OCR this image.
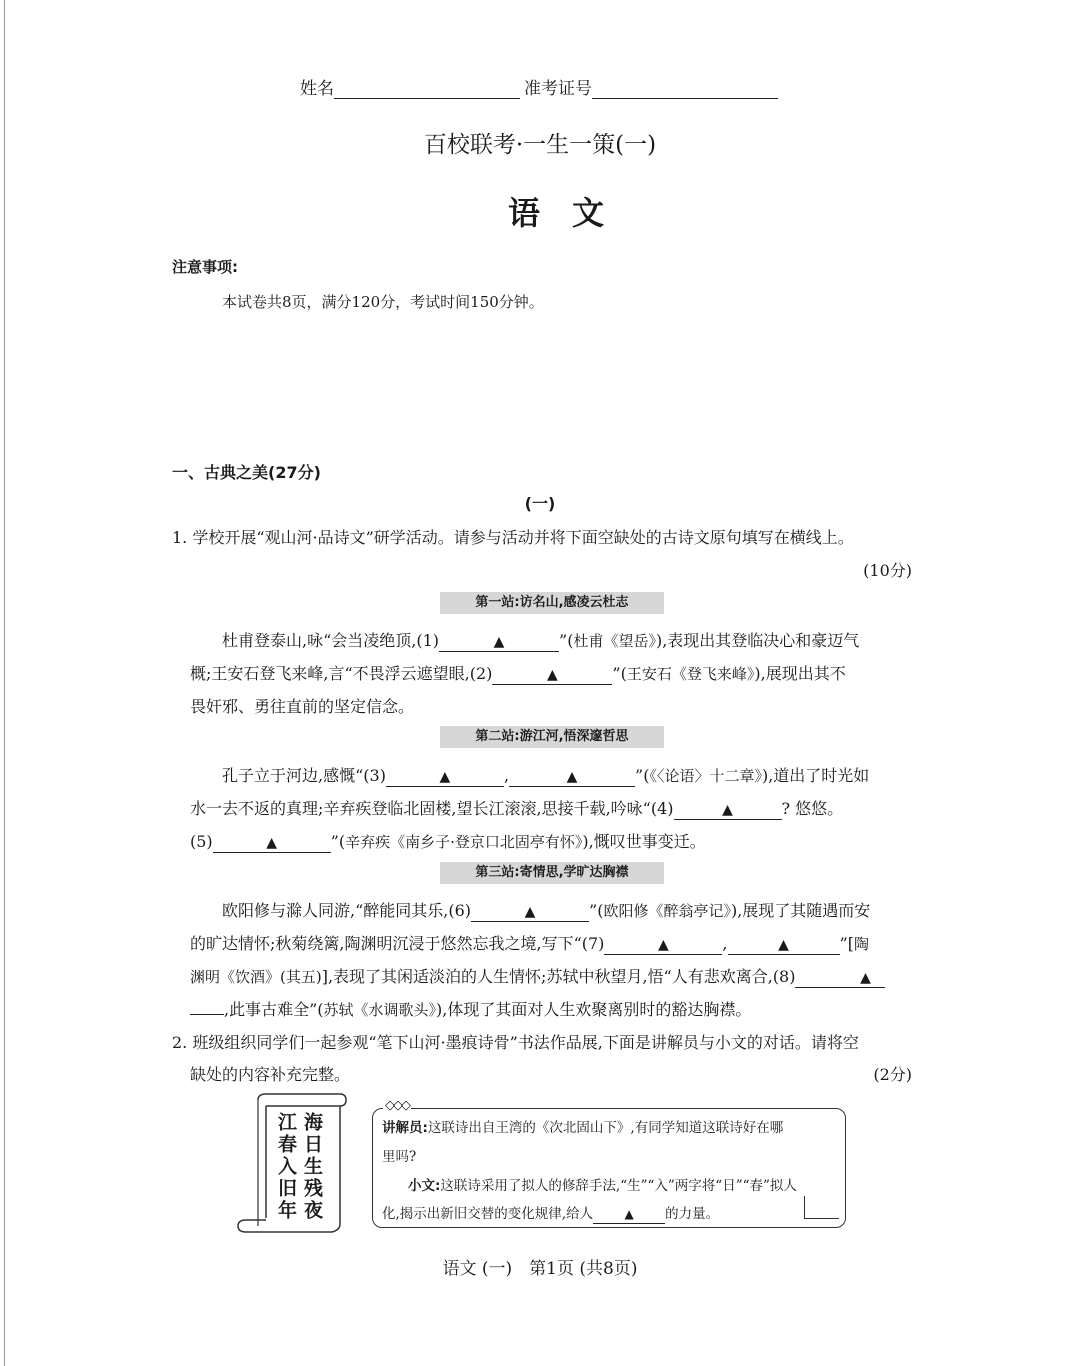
姓名	准考证号
百校联考·一生一策(一)
语文
注意事项:
本试卷共8页，满分120分，考试时间150分钟。
一、古典之美(27分)
(一)
1. 学校开展“观山河·品诗文”研学活动。请参与活动并将下面空缺处的古诗文原句填写在横线上。
(10分)
第一站:访名山,感凌云杜志
杜甫登泰山,咏“会当凌绝顶,(1)	▲	”(杜甫《望岳》),表现出其登临决心和豪迈气
概;王安石登飞来峰,言“不畏浮云遮望眼,(2)	▲	”(王安石《登飞来峰》),展现出其不
畏奸邪、勇往直前的坚定信念。
第二站:游江河,悟深邃哲思
孔子立于河边,感慨“(3)	▲	,	▲	”(《〈论语〉十二章》),道出了时光如
水一去不返的真理;辛弃疾登临北固楼,望长江滚滚,思接千载,吟咏“(4)	▲	? 悠悠。
(5)	▲	”(辛弃疾《南乡子·登京口北固亭有怀》),慨叹世事变迁。
第三站:寄情思,学旷达胸襟
欧阳修与滁人同游,“醉能同其乐,(6)	▲	”(欧阳修《醉翁亭记》),展现了其随遇而安
的旷达情怀;秋菊绕篱,陶渊明沉浸于悠然忘我之境,写下“(7)	▲	,	▲	”[陶
渊明《饮酒》(其五)],表现了其闲适淡泊的人生情怀;苏轼中秋望月,悟“人有悲欢离合,(8)	▲
,此事古难全”(苏轼《水调歌头》),体现了其面对人生欢聚离别时的豁达胸襟。
2. 班级组织同学们一起参观“笔下山河·墨痕诗骨”书法作品展,下面是讲解员与小文的对话。请将空
缺处的内容补充完整。	(2分)
海日生残夜
江春入旧年
◇◇◇
讲解员:这联诗出自王湾的《次北固山下》,有同学知道这联诗好在哪
里吗?
小文:这联诗采用了拟人的修辞手法,“生”“入”两字将“日”“春”拟人
化,揭示出新旧交替的变化规律,给人	▲ 的力量。
语文 (一)　第1页 (共8页)
